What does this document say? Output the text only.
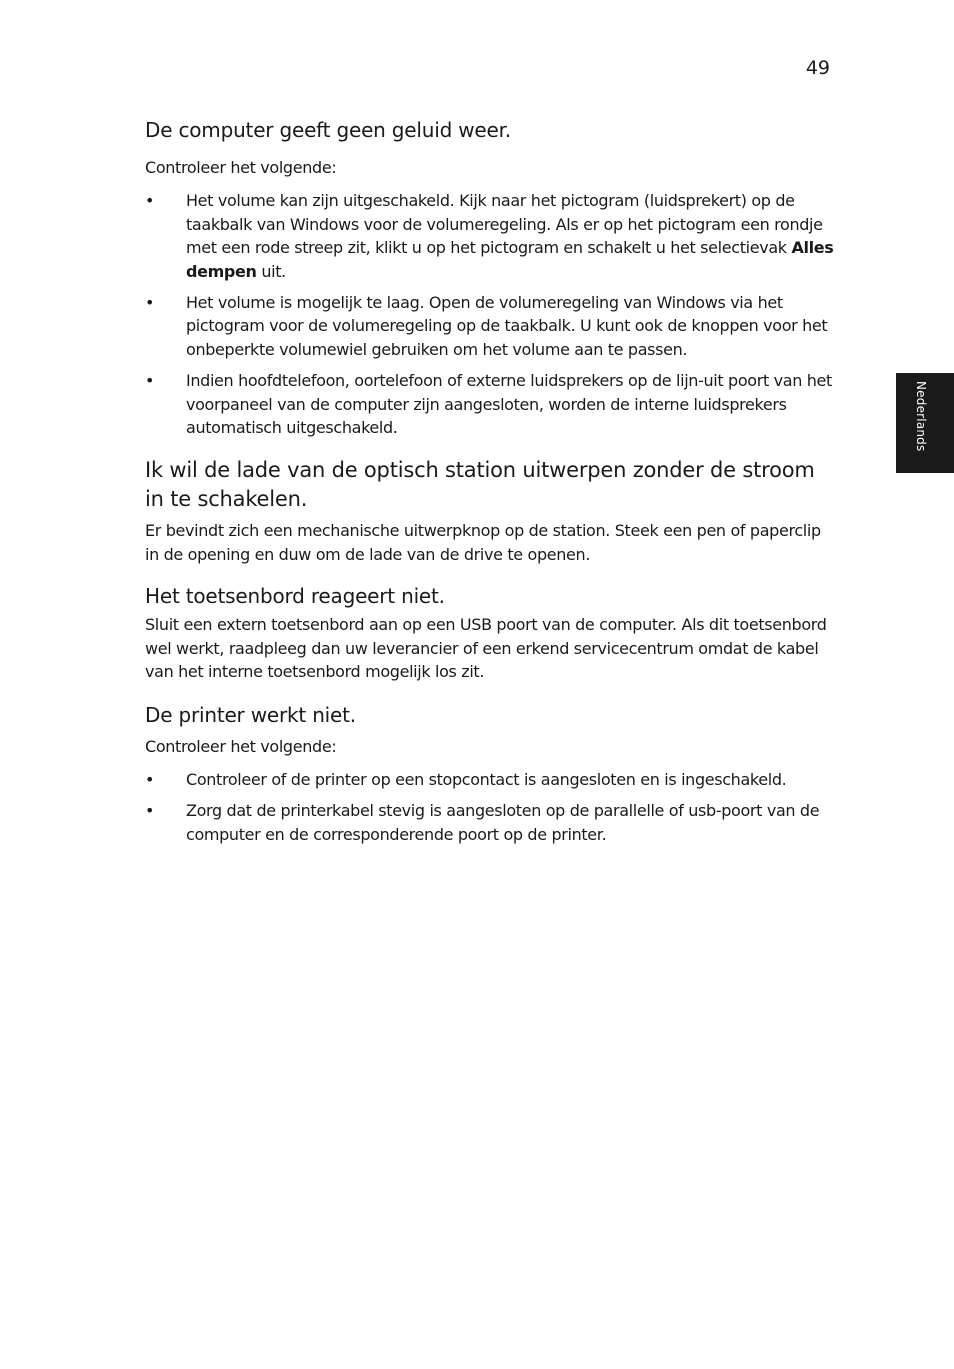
49
Nederlands
De computer geeft geen geluid weer.

Controleer het volgende:

• Het volume kan zijn uitgeschakeld. Kijk naar het pictogram (luidsprekert) op de taakbalk van Windows voor de volumeregeling. Als er op het pictogram een rondje met een rode streep zit, klikt u op het pictogram en schakelt u het selectievak Alles dempen uit.
• Het volume is mogelijk te laag. Open de volumeregeling van Windows via het pictogram voor de volumeregeling op de taakbalk. U kunt ook de knoppen voor het onbeperkte volumewiel gebruiken om het volume aan te passen.
• Indien hoofdtelefoon, oortelefoon of externe luidsprekers op de lijn-uit poort van het voorpaneel van de computer zijn aangesloten, worden de interne luidsprekers automatisch uitgeschakeld.
Ik wil de lade van de optisch station uitwerpen zonder de stroom in te schakelen.

Er bevindt zich een mechanische uitwerpknop op de station. Steek een pen of paperclip in de opening en duw om de lade van de drive te openen.

Het toetsenbord reageert niet.

Sluit een extern toetsenbord aan op een USB poort van de computer. Als dit toetsenbord wel werkt, raadpleeg dan uw leverancier of een erkend servicecentrum omdat de kabel van het interne toetsenbord mogelijk los zit.

De printer werkt niet.

Controleer het volgende:

• Controleer of de printer op een stopcontact is aangesloten en is ingeschakeld.
• Zorg dat de printerkabel stevig is aangesloten op de parallelle of usb-poort van de computer en de corresponderende poort op de printer.
